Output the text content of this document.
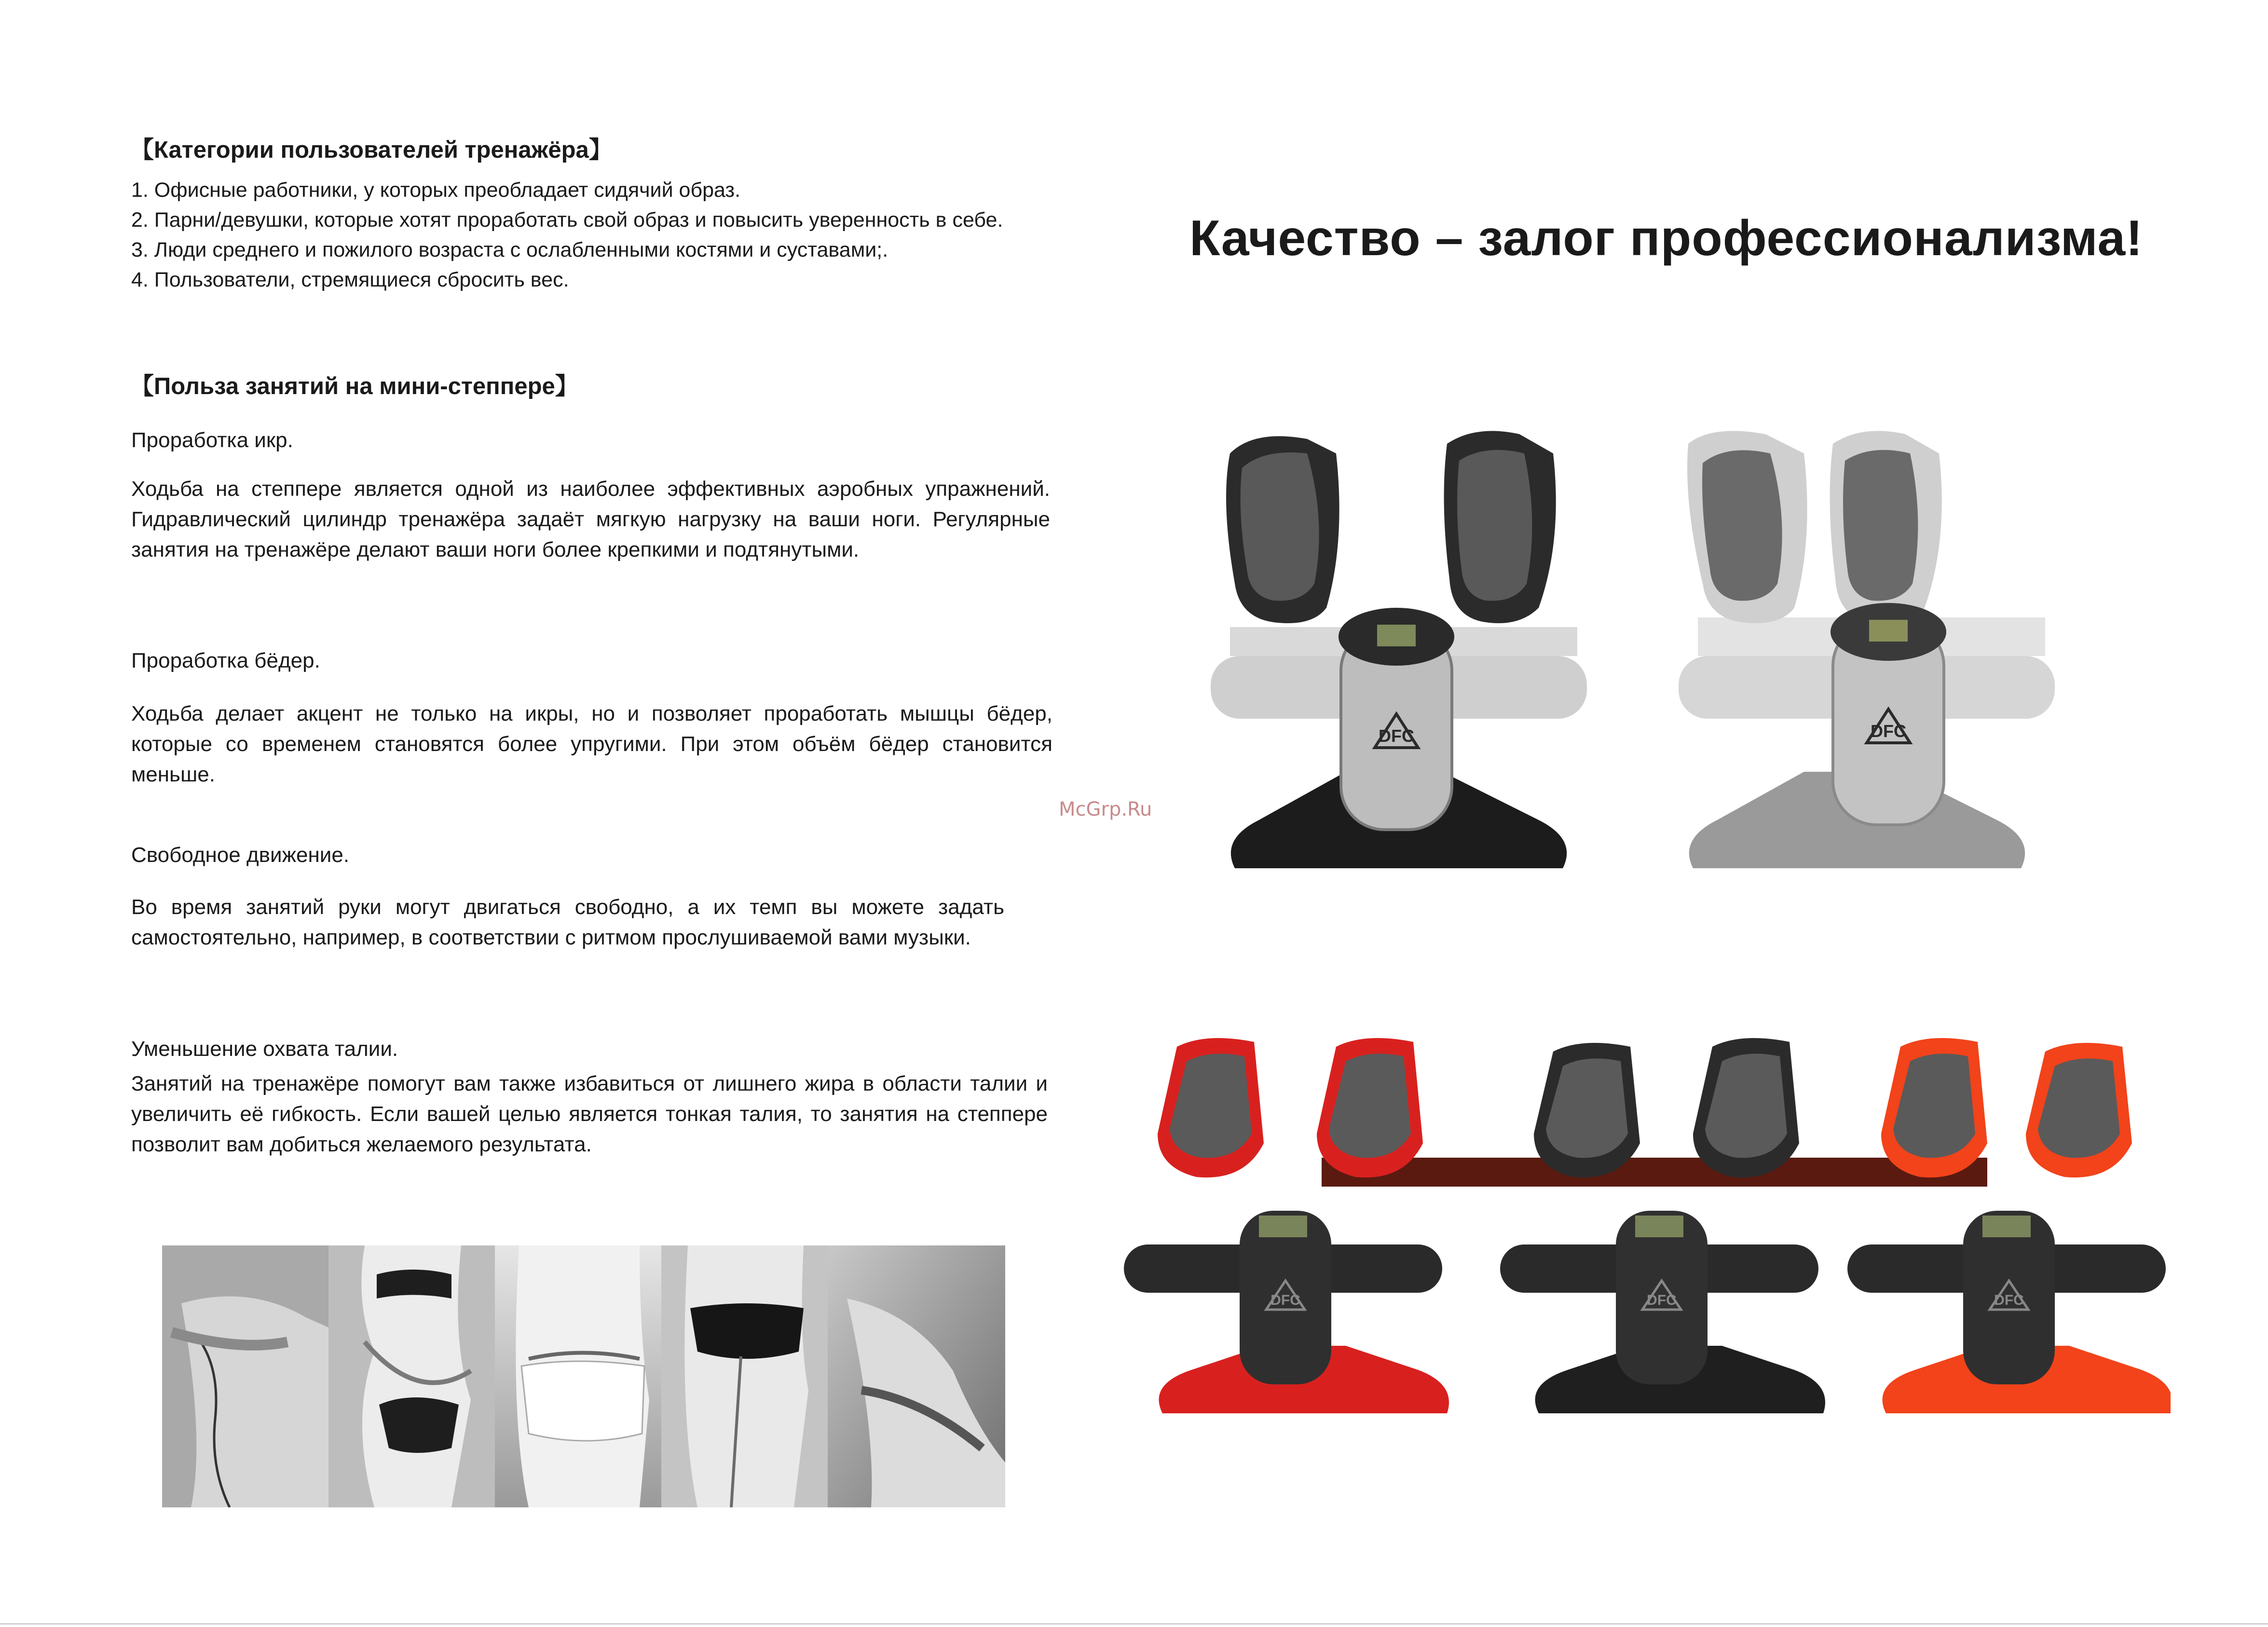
【Категории пользователей тренажёра】
1. Офисные работники, у которых преобладает сидячий образ.
2. Парни/девушки, которые хотят проработать свой образ и повысить уверенность в себе.
3. Люди среднего и пожилого возраста с ослабленными костями и суставами;.
4. Пользователи, стремящиеся сбросить вес.
【Польза занятий на мини-степпере】
Проработка икр.
Ходьба на степпере является одной из наиболее эффективных аэробных упражнений. Гидравлический цилиндр тренажёра задаёт мягкую нагрузку на ваши ноги. Регулярные занятия на тренажёре делают ваши ноги более крепкими и подтянутыми.
Проработка бёдер.
Ходьба делает акцент не только на икры, но и позволяет проработать мышцы бёдер, которые со временем становятся более упругими. При этом объём бёдер становится меньше.
Свободное движение.
Во время занятий руки могут двигаться свободно, а их темп вы можете задать самостоятельно, например, в соответствии с ритмом прослушиваемой вами музыки.
Уменьшение охвата талии.
Занятий на тренажёре помогут вам также избавиться от лишнего жира в области талии и увеличить её гибкость. Если вашей целью является тонкая талия, то занятия на степпере позволит вам добиться желаемого результата.
Качество – залог профессионализма!
McGrp.Ru
DFC	DFC
DFC	DFC	DFC
